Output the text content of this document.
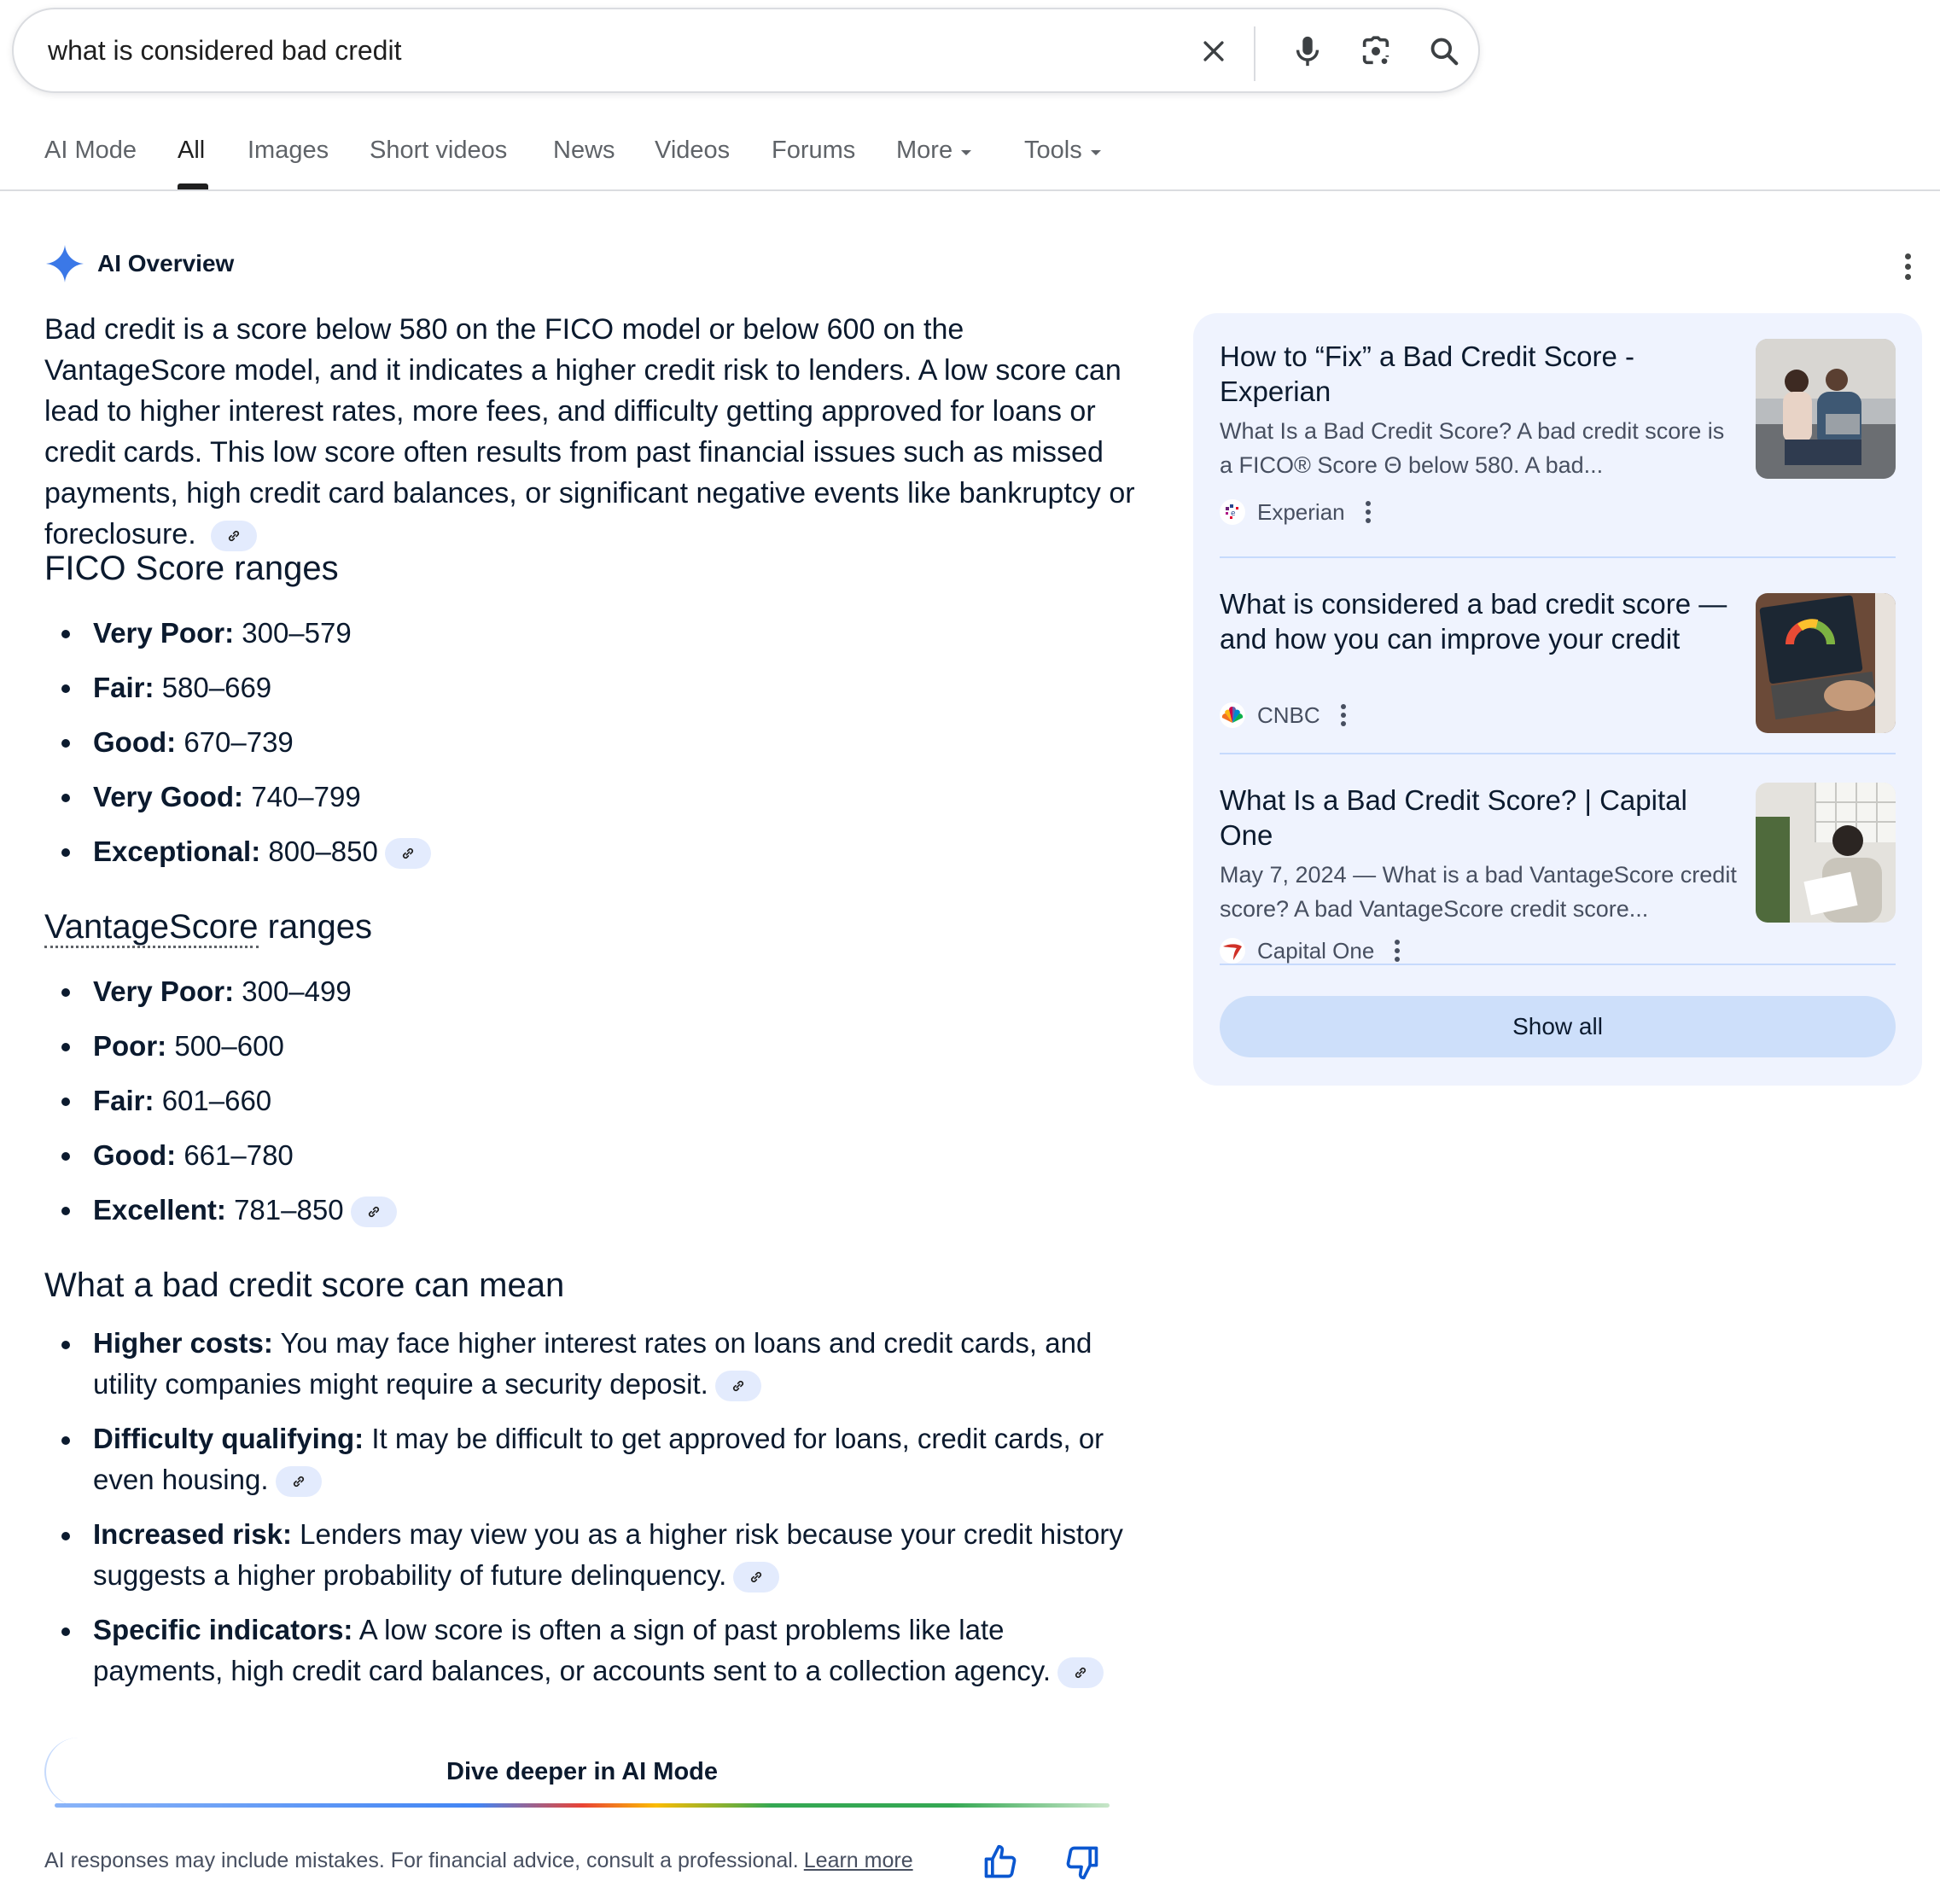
what is considered bad credit
AI Mode All Images Short videos News Videos Forums More	Tools
AI Overview

Bad credit is a score below 580 on the FICO model or below 600 on the VantageScore model, and it indicates a higher credit risk to lenders. A low score can lead to higher interest rates, more fees, and difficulty getting approved for loans or credit cards. This low score often results from past financial issues such as missed payments, high credit card balances, or significant negative events like bankruptcy or foreclosure.

FICO Score ranges
Very Poor: 300–579
Fair: 580–669
Good: 670–739
Very Good: 740–799
Exceptional: 800–850
VantageScore ranges
Very Poor: 300–499
Poor: 500–600
Fair: 601–660
Good: 661–780
Excellent: 781–850
What a bad credit score can mean
Higher costs: You may face higher interest rates on loans and credit cards, and utility companies might require a security deposit.
Difficulty qualifying: It may be difficult to get approved for loans, credit cards, or even housing.
Increased risk: Lenders may view you as a higher risk because your credit history suggests a higher probability of future delinquency.
Specific indicators: A low score is often a sign of past problems like late payments, high credit card balances, or accounts sent to a collection agency.
Dive deeper in AI Mode
AI responses may include mistakes. For financial advice, consult a professional. Learn more
How to “Fix” a Bad Credit Score - Experian
What Is a Bad Credit Score? A bad credit score is a FICO® Score Θ below 580. A bad...
e Experian
What is considered a bad credit score — and how you can improve your credit
CNBC
What Is a Bad Credit Score? | Capital One
May 7, 2024 — What is a bad VantageScore credit score? A bad VantageScore credit score...
Capital One
Show all
